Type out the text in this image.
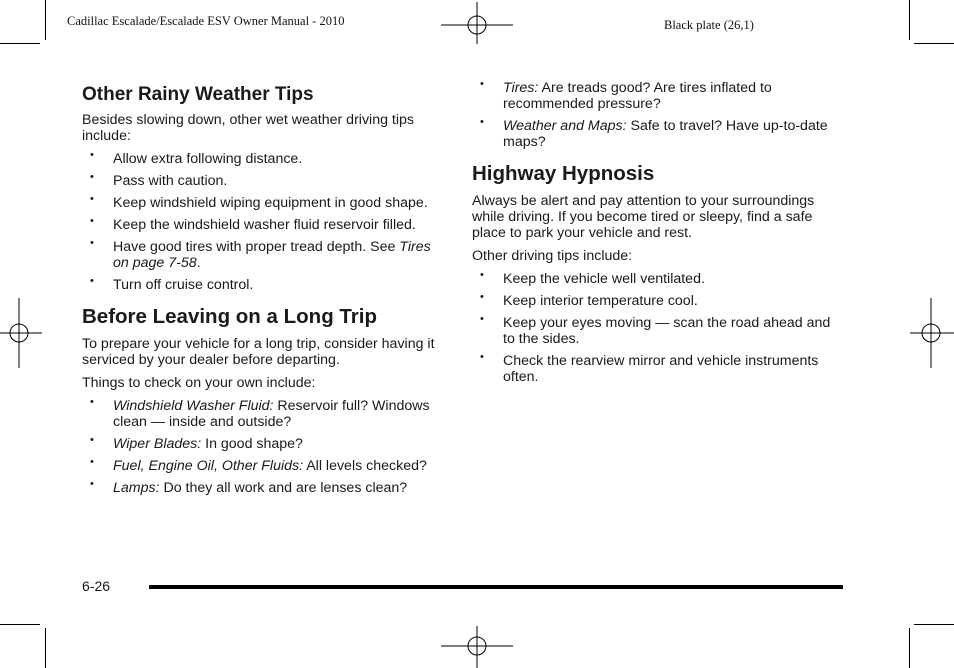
Cadillac Escalade/Escalade ESV Owner Manual - 2010	Black plate (26,1)
Other Rainy Weather Tips

Besides slowing down, other wet weather driving tips include:

• Allow extra following distance.
• Pass with caution.
• Keep windshield wiping equipment in good shape.
• Keep the windshield washer fluid reservoir filled.
• Have good tires with proper tread depth. See Tires on page 7-58.
• Turn off cruise control.
Before Leaving on a Long Trip

To prepare your vehicle for a long trip, consider having it serviced by your dealer before departing.

Things to check on your own include:

• Windshield Washer Fluid: Reservoir full? Windows clean — inside and outside?
• Wiper Blades: In good shape?
• Fuel, Engine Oil, Other Fluids: All levels checked?
• Lamps: Do they all work and are lenses clean?
• Tires: Are treads good? Are tires inflated to recommended pressure?
• Weather and Maps: Safe to travel? Have up-to-date maps?
Highway Hypnosis

Always be alert and pay attention to your surroundings while driving. If you become tired or sleepy, find a safe place to park your vehicle and rest.

Other driving tips include:

• Keep the vehicle well ventilated.
• Keep interior temperature cool.
• Keep your eyes moving — scan the road ahead and to the sides.
• Check the rearview mirror and vehicle instruments often.
6-26
